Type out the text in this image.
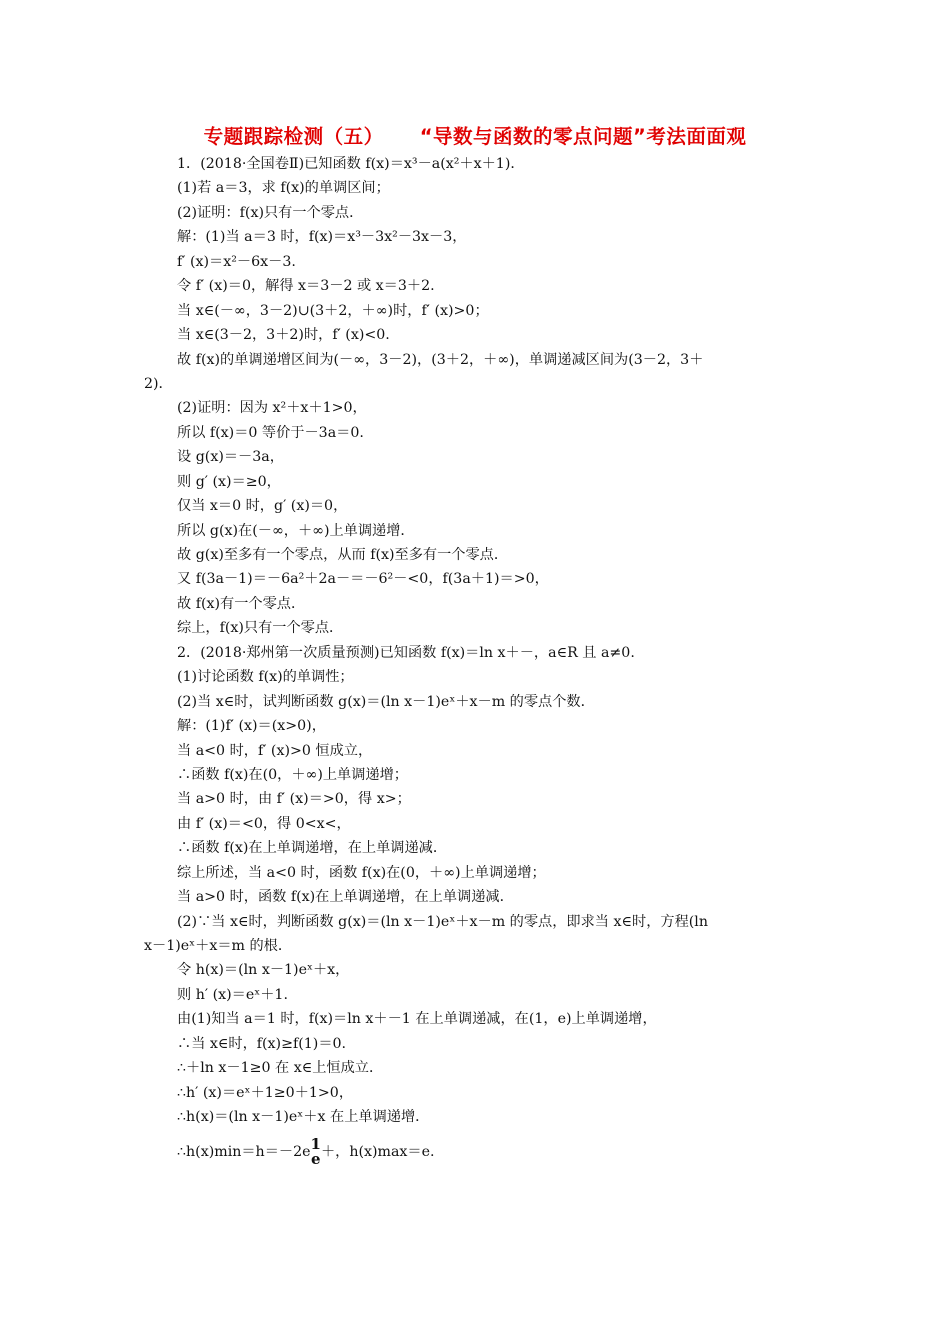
专题跟踪检测（五） “导数与函数的零点问题”考法面面观
1．(2018·全国卷Ⅱ)已知函数 f(x)＝x³－a(x²＋x＋1)．
(1)若 a＝3，求 f(x)的单调区间；
(2)证明：f(x)只有一个零点．
解：(1)当 a＝3 时，f(x)＝x³－3x²－3x－3，
f′ (x)＝x²－6x－3.
令 f′ (x)＝0，解得 x＝3－2 或 x＝3＋2.
当 x∈(－∞，3－2)∪(3＋2，＋∞)时，f′ (x)>0；
当 x∈(3－2，3＋2)时，f′ (x)<0.
故 f(x)的单调递增区间为(－∞，3－2)，(3＋2，＋∞)，单调递减区间为(3－2，3＋
2)．
(2)证明：因为 x²＋x＋1>0，
所以 f(x)＝0 等价于－3a＝0.
设 g(x)＝－3a，
则 g′ (x)＝≥0，
仅当 x＝0 时，g′ (x)＝0，
所以 g(x)在(－∞，＋∞)上单调递增．
故 g(x)至多有一个零点，从而 f(x)至多有一个零点．
又 f(3a－1)＝－6a²＋2a－＝－6²－<0，f(3a＋1)＝>0，
故 f(x)有一个零点．
综上，f(x)只有一个零点．
2．(2018·郑州第一次质量预测)已知函数 f(x)＝ln x＋－，a∈R 且 a≠0.
(1)讨论函数 f(x)的单调性；
(2)当 x∈时，试判断函数 g(x)＝(ln x－1)eˣ＋x－m 的零点个数．
解：(1)f′ (x)＝(x>0)，
当 a<0 时，f′ (x)>0 恒成立，
∴函数 f(x)在(0，＋∞)上单调递增；
当 a>0 时，由 f′ (x)＝>0，得 x>；
由 f′ (x)＝<0，得 0<x<，
∴函数 f(x)在上单调递增，在上单调递减．
综上所述，当 a<0 时，函数 f(x)在(0，＋∞)上单调递增；
当 a>0 时，函数 f(x)在上单调递增，在上单调递减．
(2)∵当 x∈时，判断函数 g(x)＝(ln x－1)eˣ＋x－m 的零点，即求当 x∈时，方程(ln
x－1)eˣ＋x＝m 的根．
令 h(x)＝(ln x－1)eˣ＋x，
则 h′ (x)＝eˣ＋1.
由(1)知当 a＝1 时，f(x)＝ln x＋－1 在上单调递减，在(1，e)上单调递增，
∴当 x∈时，f(x)≥f(1)＝0.
∴＋ln x－1≥0 在 x∈上恒成立．
∴h′ (x)＝eˣ＋1≥0＋1>0，
∴h(x)＝(ln x－1)eˣ＋x 在上单调递增．
∴h(x)min＝h＝－2e 1
e ＋，h(x)max＝e.
